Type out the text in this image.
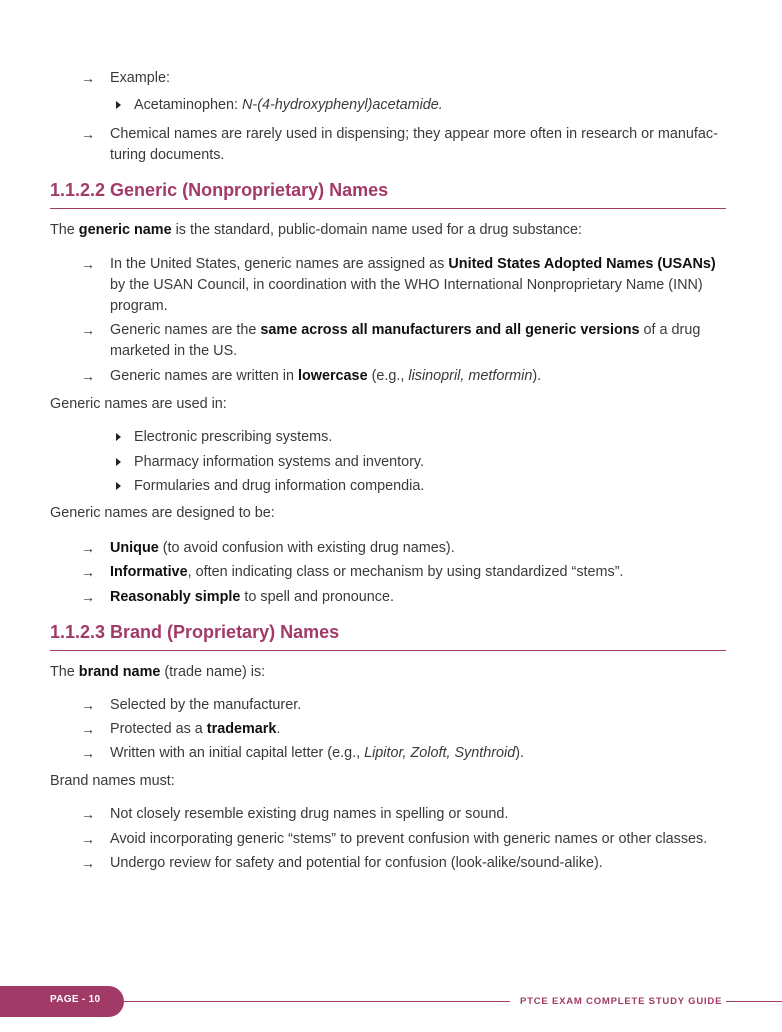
→ Example:
Acetaminophen: N-(4-hydroxyphenyl)acetamide.
→ Chemical names are rarely used in dispensing; they appear more often in research or manufac-
turing documents.
1.1.2.2 Generic (Nonproprietary) Names
The generic name is the standard, public-domain name used for a drug substance:
→ In the United States, generic names are assigned as United States Adopted Names (USANs)
by the USAN Council, in coordination with the WHO International Nonproprietary Name (INN)
program.
→ Generic names are the same across all manufacturers and all generic versions of a drug
marketed in the US.
→ Generic names are written in lowercase (e.g., lisinopril, metformin).
Generic names are used in:
Electronic prescribing systems.
Pharmacy information systems and inventory.
Formularies and drug information compendia.
Generic names are designed to be:
→ Unique (to avoid confusion with existing drug names).
→ Informative, often indicating class or mechanism by using standardized “stems”.
→ Reasonably simple to spell and pronounce.
1.1.2.3 Brand (Proprietary) Names
The brand name (trade name) is:
→ Selected by the manufacturer.
→ Protected as a trademark.
→ Written with an initial capital letter (e.g., Lipitor, Zoloft, Synthroid).
Brand names must:
→ Not closely resemble existing drug names in spelling or sound.
→ Avoid incorporating generic “stems” to prevent confusion with generic names or other classes.
→ Undergo review for safety and potential for confusion (look-alike/sound-alike).
PAGE - 10	PTCE EXAM COMPLETE STUDY GUIDE
